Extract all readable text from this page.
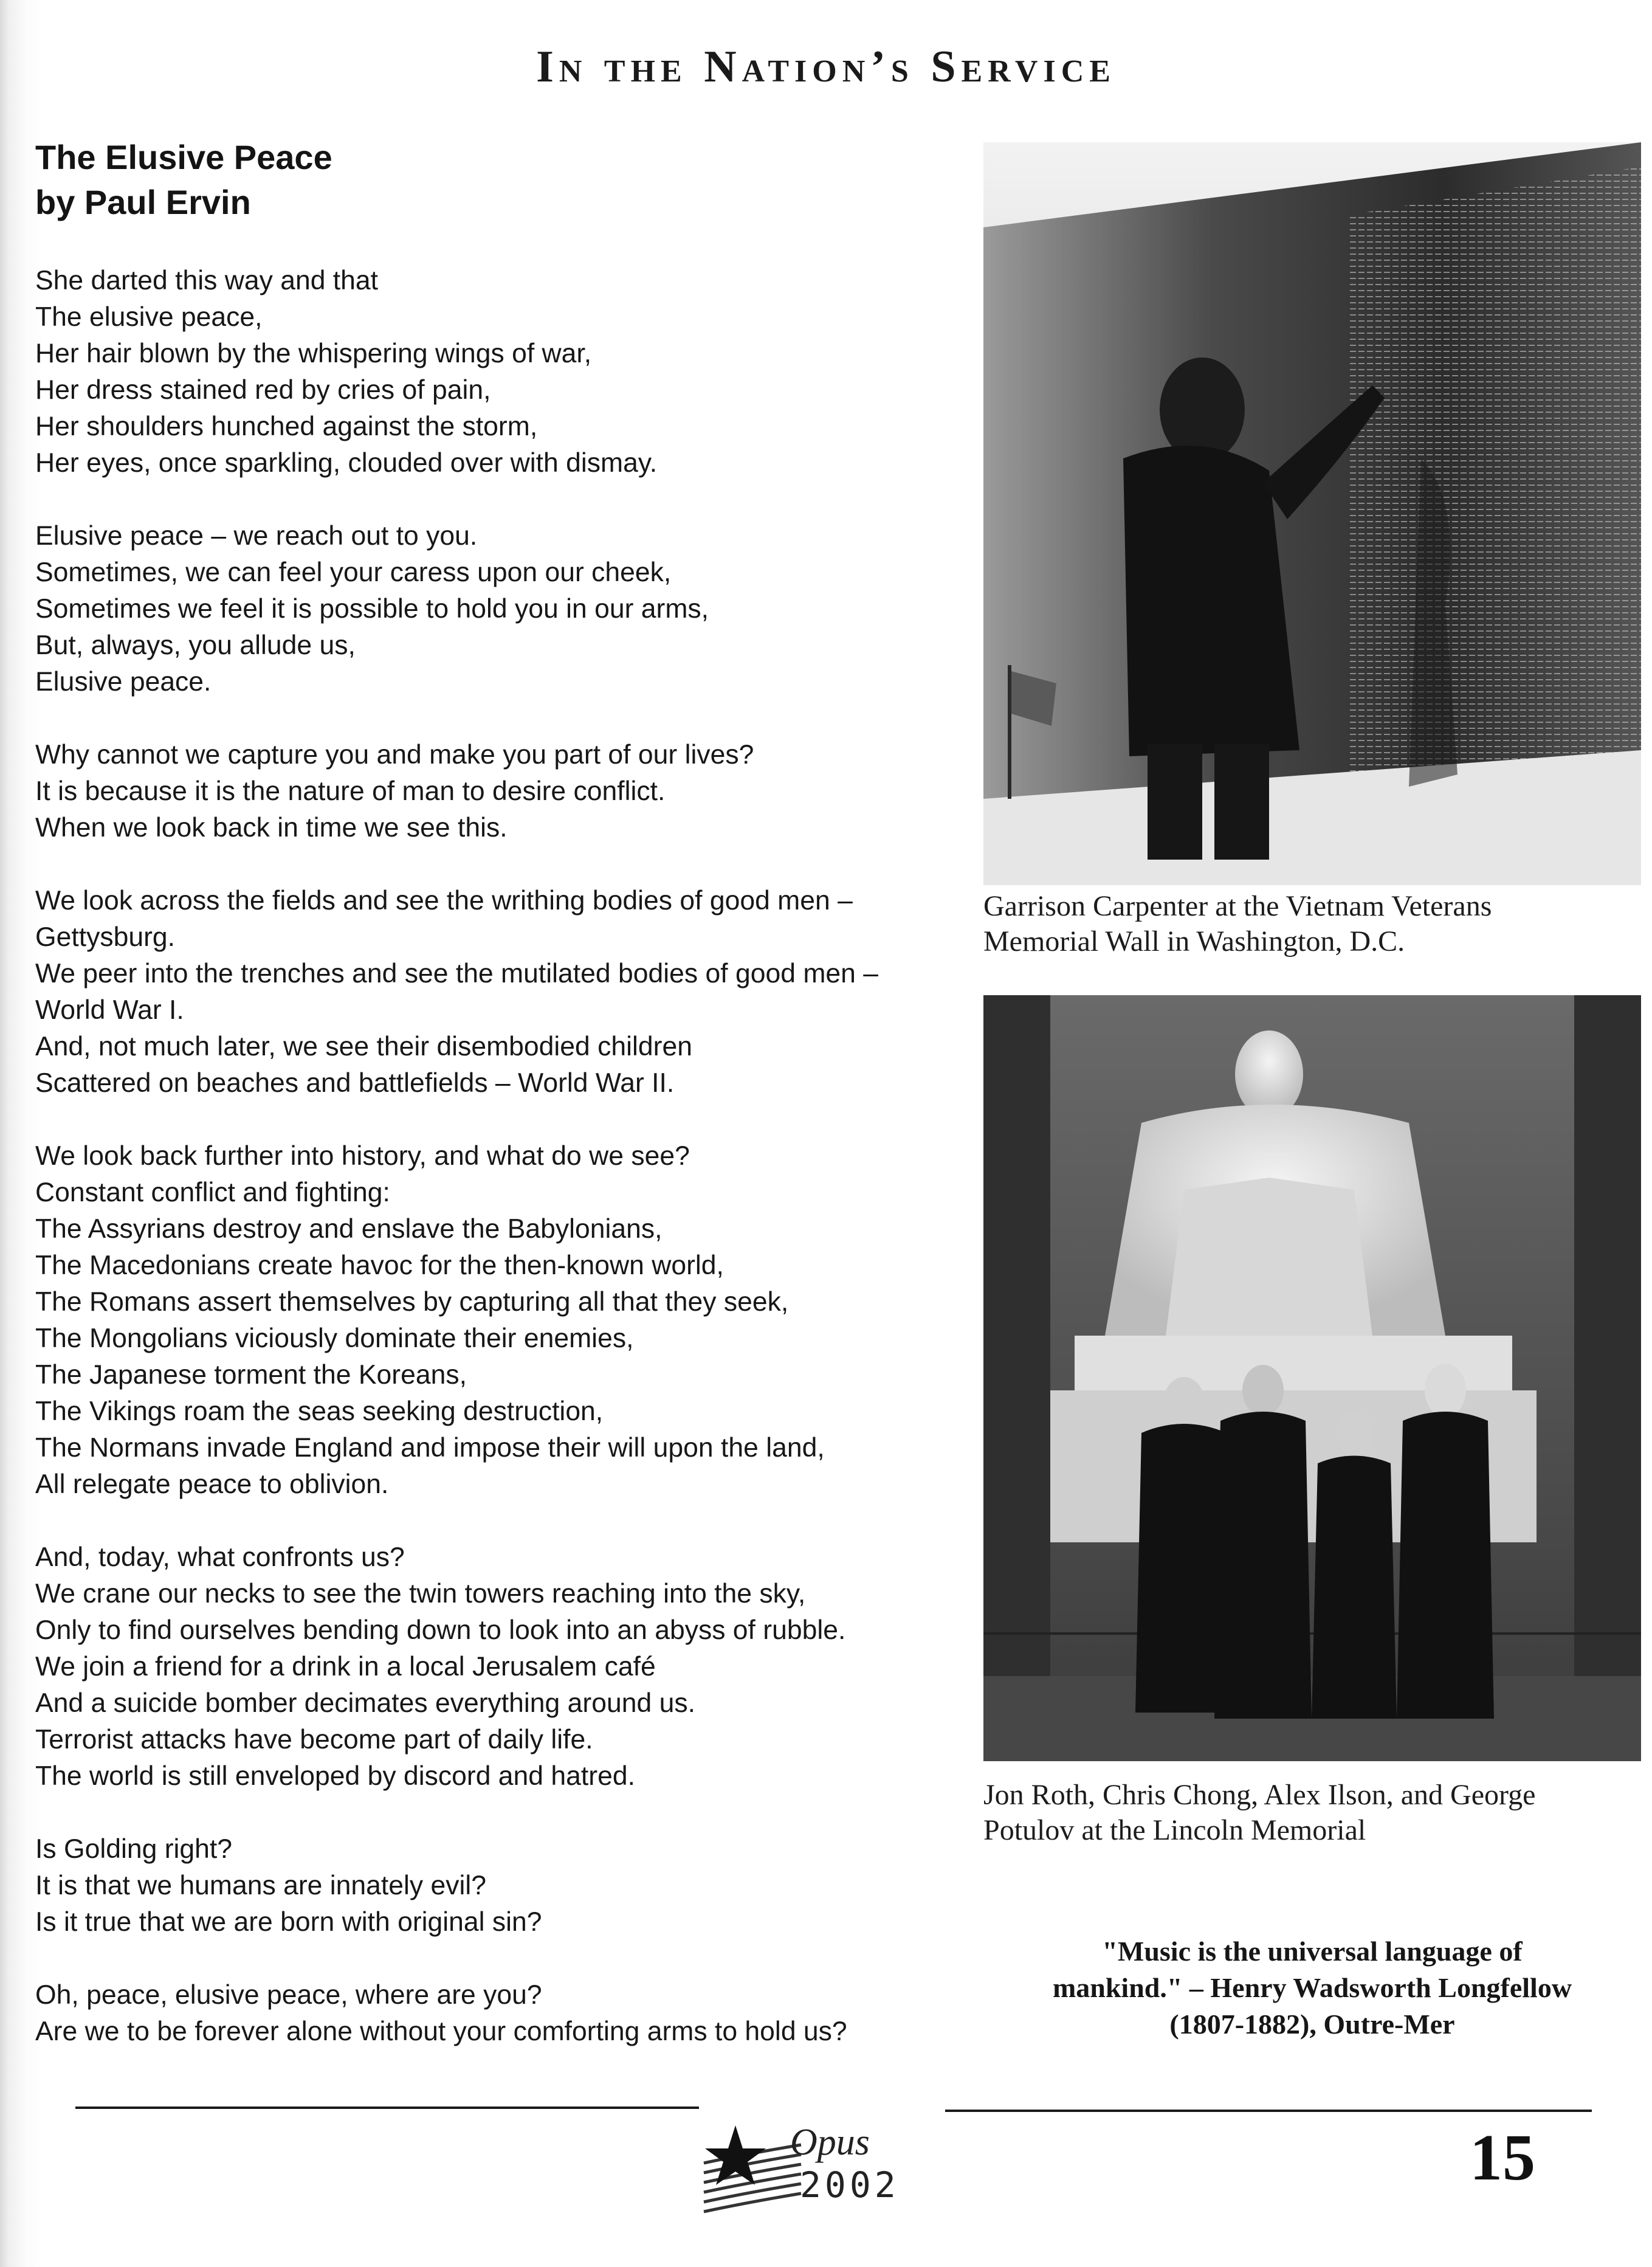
In the Nation’s Service
The Elusive Peace
by Paul Ervin
She darted this way and that
The elusive peace,
Her hair blown by the whispering wings of war,
Her dress stained red by cries of pain,
Her shoulders hunched against the storm,
Her eyes, once sparkling, clouded over with dismay.
Elusive peace – we reach out to you.
Sometimes, we can feel your caress upon our cheek,
Sometimes we feel it is possible to hold you in our arms,
But, always, you allude us,
Elusive peace.
Why cannot we capture you and make you part of our lives?
It is because it is the nature of man to desire conflict.
When we look back in time we see this.
We look across the fields and see the writhing bodies of good men –
Gettysburg.
We peer into the trenches and see the mutilated bodies of good men –
World War I.
And, not much later, we see their disembodied children
Scattered on beaches and battlefields – World War II.
We look back further into history, and what do we see?
Constant conflict and fighting:
The Assyrians destroy and enslave the Babylonians,
The Macedonians create havoc for the then-known world,
The Romans assert themselves by capturing all that they seek,
The Mongolians viciously dominate their enemies,
The Japanese torment the Koreans,
The Vikings roam the seas seeking destruction,
The Normans invade England and impose their will upon the land,
All relegate peace to oblivion.
And, today, what confronts us?
We crane our necks to see the twin towers reaching into the sky,
Only to find ourselves bending down to look into an abyss of rubble.
We join a friend for a drink in a local Jerusalem café
And a suicide bomber decimates everything around us.
Terrorist attacks have become part of daily life.
The world is still enveloped by discord and hatred.
Is Golding right?
It is that we humans are innately evil?
Is it true that we are born with original sin?
Oh, peace, elusive peace, where are you?
Are we to be forever alone without your comforting arms to hold us?
Garrison Carpenter at the Vietnam Veterans
Memorial Wall in Washington, D.C.
Jon Roth, Chris Chong, Alex Ilson, and George
Potulov at the Lincoln Memorial
"Music is the universal language of
mankind." – Henry Wadsworth Longfellow
(1807-1882), Outre-Mer
Opus
2002	15
